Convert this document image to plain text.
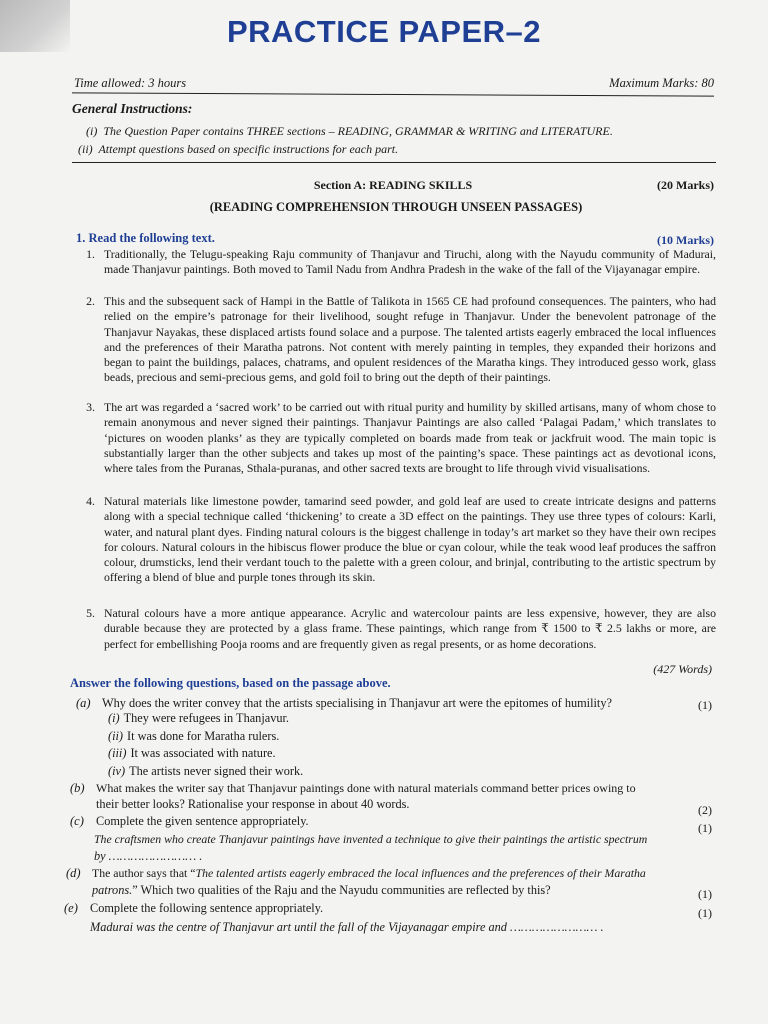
PRACTICE PAPER–2
Time allowed: 3 hours	Maximum Marks: 80
General Instructions:
(i) The Question Paper contains THREE sections – READING, GRAMMAR & WRITING and LITERATURE.
(ii) Attempt questions based on specific instructions for each part.
Section A: READING SKILLS	(20 Marks)
(READING COMPREHENSION THROUGH UNSEEN PASSAGES)
1. Read the following text.	(10 Marks)
1. Traditionally, the Telugu-speaking Raju community of Thanjavur and Tiruchi, along with the Nayudu community of Madurai, made Thanjavur paintings. Both moved to Tamil Nadu from Andhra Pradesh in the wake of the fall of the Vijayanagar empire.
2. This and the subsequent sack of Hampi in the Battle of Talikota in 1565 CE had profound consequences. The painters, who had relied on the empire’s patronage for their livelihood, sought refuge in Thanjavur. Under the benevolent patronage of the Thanjavur Nayakas, these displaced artists found solace and a purpose. The talented artists eagerly embraced the local influences and the preferences of their Maratha patrons. Not content with merely painting in temples, they expanded their horizons and began to paint the buildings, palaces, chatrams, and opulent residences of the Maratha kings. They introduced gesso work, glass beads, precious and semi-precious gems, and gold foil to bring out the depth of their paintings.
3. The art was regarded a ‘sacred work’ to be carried out with ritual purity and humility by skilled artisans, many of whom chose to remain anonymous and never signed their paintings. Thanjavur Paintings are also called ‘Palagai Padam,’ which translates to ‘pictures on wooden planks’ as they are typically completed on boards made from teak or jackfruit wood. The main topic is substantially larger than the other subjects and takes up most of the painting’s space. These paintings act as devotional icons, where tales from the Puranas, Sthala-puranas, and other sacred texts are brought to life through vivid visualisations.
4. Natural materials like limestone powder, tamarind seed powder, and gold leaf are used to create intricate designs and patterns along with a special technique called ‘thickening’ to create a 3D effect on the paintings. They use three types of colours: Karli, water, and natural plant dyes. Finding natural colours is the biggest challenge in today’s art market so they have their own recipes for colours. Natural colours in the hibiscus flower produce the blue or cyan colour, while the teak wood leaf produces the saffron colour, drumsticks, lend their verdant touch to the palette with a green colour, and brinjal, contributing to the artistic spectrum by offering a blend of blue and purple tones through its skin.
5. Natural colours have a more antique appearance. Acrylic and watercolour paints are less expensive, however, they are also durable because they are protected by a glass frame. These paintings, which range from ₹ 1500 to ₹ 2.5 lakhs or more, are perfect for embellishing Pooja rooms and are frequently given as regal presents, or as home decorations.
(427 Words)
Answer the following questions, based on the passage above.
(a) Why does the writer convey that the artists specialising in Thanjavur art were the epitomes of humility?	(1)
(i) They were refugees in Thanjavur.
(ii) It was done for Maratha rulers.
(iii) It was associated with nature.
(iv) The artists never signed their work.
(b) What makes the writer say that Thanjavur paintings done with natural materials command better prices owing to
their better looks? Rationalise your response in about 40 words.	(2)
(c) Complete the given sentence appropriately.	(1)
The craftsmen who create Thanjavur paintings have invented a technique to give their paintings the artistic spectrum
by …………………… .
(d) The author says that “The talented artists eagerly embraced the local influences and the preferences of their Maratha
patrons.” Which two qualities of the Raju and the Nayudu communities are reflected by this?	(1)
(e) Complete the following sentence appropriately.	(1)
Madurai was the centre of Thanjavur art until the fall of the Vijayanagar empire and …………………… .
